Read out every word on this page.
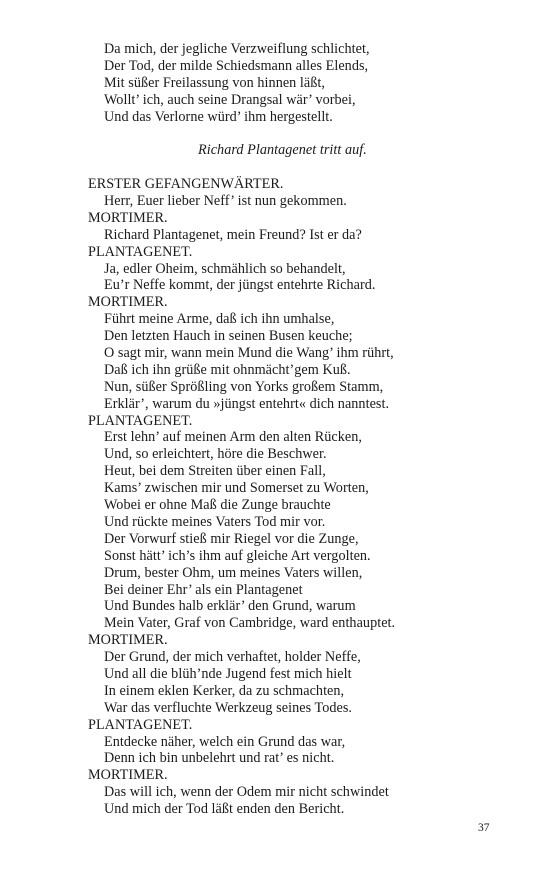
Da mich, der jegliche Verzweiflung schlichtet,
Der Tod, der milde Schiedsmann alles Elends,
Mit süßer Freilassung von hinnen läßt,
Wollt’ ich, auch seine Drangsal wär’ vorbei,
Und das Verlorne würd’ ihm hergestellt.
Richard Plantagenet tritt auf.
ERSTER GEFANGENWÄRTER.
Herr, Euer lieber Neff’ ist nun gekommen.
MORTIMER.
Richard Plantagenet, mein Freund? Ist er da?
PLANTAGENET.
Ja, edler Oheim, schmählich so behandelt,
Eu’r Neffe kommt, der jüngst entehrte Richard.
MORTIMER.
Führt meine Arme, daß ich ihn umhalse,
Den letzten Hauch in seinen Busen keuche;
O sagt mir, wann mein Mund die Wang’ ihm rührt,
Daß ich ihn grüße mit ohnmächt’gem Kuß.
Nun, süßer Sprößling von Yorks großem Stamm,
Erklär’, warum du »jüngst entehrt« dich nanntest.
PLANTAGENET.
Erst lehn’ auf meinen Arm den alten Rücken,
Und, so erleichtert, höre die Beschwer.
Heut, bei dem Streiten über einen Fall,
Kams’ zwischen mir und Somerset zu Worten,
Wobei er ohne Maß die Zunge brauchte
Und rückte meines Vaters Tod mir vor.
Der Vorwurf stieß mir Riegel vor die Zunge,
Sonst hätt’ ich’s ihm auf gleiche Art vergolten.
Drum, bester Ohm, um meines Vaters willen,
Bei deiner Ehr’ als ein Plantagenet
Und Bundes halb erklär’ den Grund, warum
Mein Vater, Graf von Cambridge, ward enthauptet.
MORTIMER.
Der Grund, der mich verhaftet, holder Neffe,
Und all die blüh’nde Jugend fest mich hielt
In einem eklen Kerker, da zu schmachten,
War das verfluchte Werkzeug seines Todes.
PLANTAGENET.
Entdecke näher, welch ein Grund das war,
Denn ich bin unbelehrt und rat’ es nicht.
MORTIMER.
Das will ich, wenn der Odem mir nicht schwindet
Und mich der Tod läßt enden den Bericht.
37
